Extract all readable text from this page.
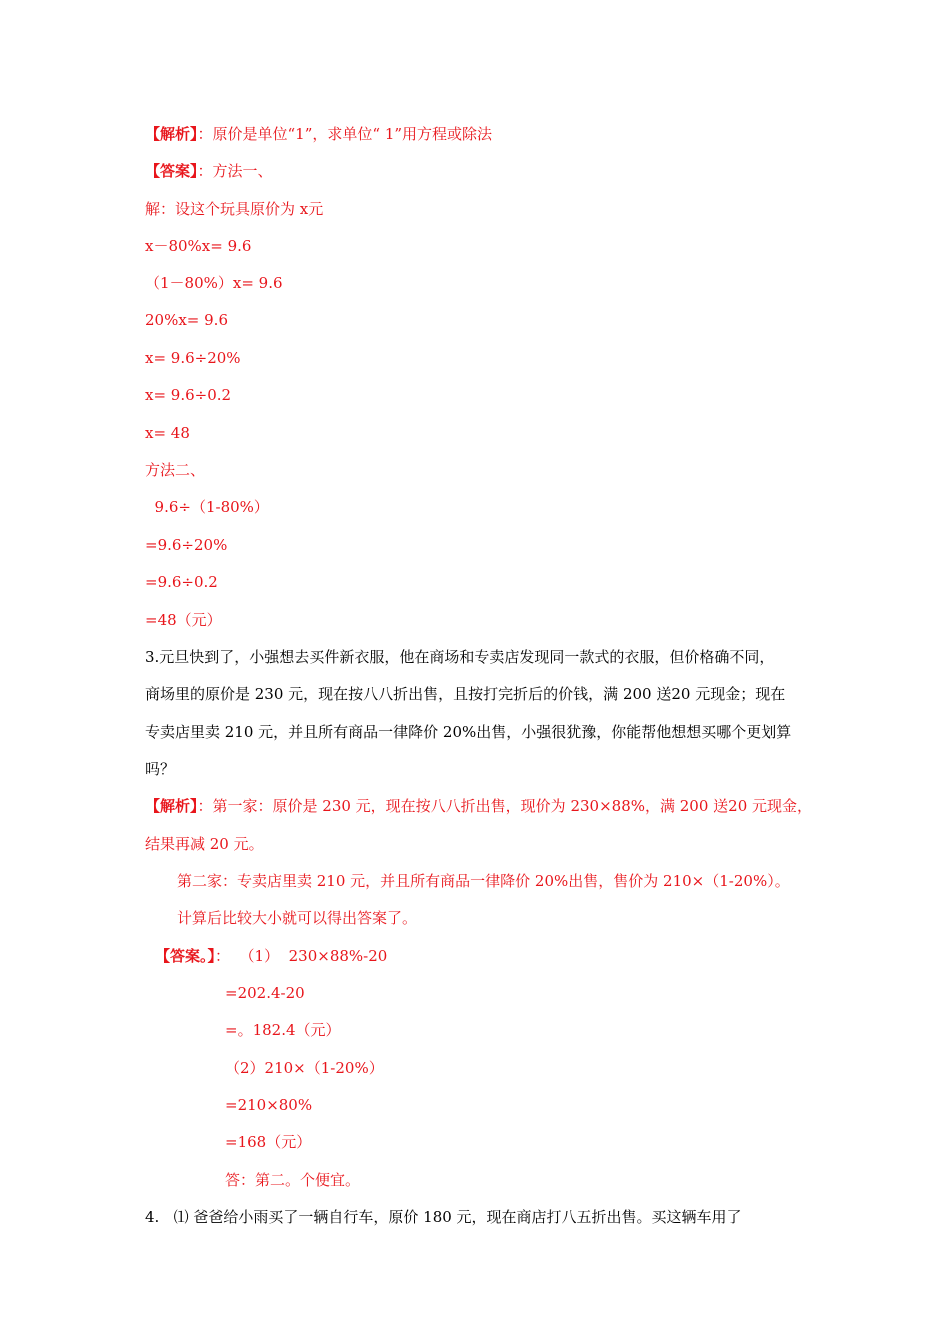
【解析】：原价是单位“1”，求单位“ 1”用方程或除法
【答案】：方法一、
解：设这个玩具原价为 x元
x－80%x= 9.6
（1－80%）x= 9.6
20%x= 9.6
x= 9.6÷20%
x= 9.6÷0.2
x= 48
方法二、
9.6÷（1-80%）
=9.6÷20%
=9.6÷0.2
=48（元）
3.元旦快到了，小强想去买件新衣服，他在商场和专卖店发现同一款式的衣服，但价格确不同，
商场里的原价是 230 元，现在按八八折出售，且按打完折后的价钱，满 200 送20 元现金；现在
专卖店里卖 210 元，并且所有商品一律降价 20%出售，小强很犹豫，你能帮他想想买哪个更划算
吗？
【解析】：第一家：原价是 230 元，现在按八八折出售，现价为 230×88%，满 200 送20 元现金，
结果再减 20 元。
第二家：专卖店里卖 210 元，并且所有商品一律降价 20%出售，售价为 210×（1-20%）。
计算后比较大小就可以得出答案了。
【答案。】：  （1）  230×88%-20
=202.4-20
=。182.4（元）
（2）210×（1-20%）
=210×80%
=168（元）
答：第二。个便宜。
4.   ⑴ 爸爸给小雨买了一辆自行车，原价 180 元，现在商店打八五折出售。买这辆车用了
